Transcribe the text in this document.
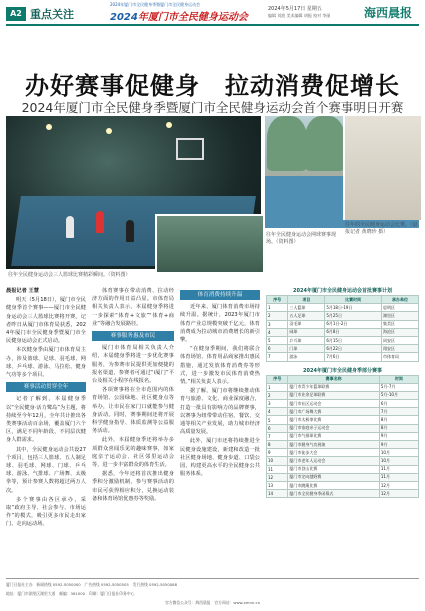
A2 重点关注
2024年厦门市全民健身季暨厦门市全民健身运动会
2024年厦门市全民健身运动会
2024年5月17日 星期五
编辑 刘波 美术编辑 胡振 校对 李丽	海西晨报
办好赛事促健身　拉动消费促增长
2024年厦门市全民健身季暨厦门市全民健身运动会首个赛事明日开赛
往年全民健身运动会三人篮球比赛精彩瞬间。（资料图）
往年的全民健身运动会比赛。（晨报记者 黄晓珍 摄）
往年全民健身运动会网球赛事现场。（资料图）

晨报记者 王慧

明天（5月18日），厦门市全民健身季首个赛事——厦门市全民健身运动会三人篮球比赛将开赛。记者昨日从厦门市体育局获悉，2024年厦门市全民健身季暨厦门市全民健身运动会正式启动。

本次健身季由厦门市体育局主办，涉及篮球、足球、羽毛球、网球、乒乓球、游泳、马拉松、健身气功等多个项目。

赛事活动贯穿全年

记者了解到，本届健身季以“全民健身·活力鹭岛”为主题，将持续至今年12月，全年共计推出各类赛事活动百余场，覆盖厦门六个区，满足不同年龄段、不同层次健身人群需求。

其中，全民健身运动会共设27个项目，包括三人篮球、五人制足球、羽毛球、网球、门球、乒乓球、游泳、气排球、广场舞、太极拳等，预计参赛人数将超过两万人次。

多个赛事由各区承办，采取“政府主导、社会参与、市场运作”的模式，吸引更多市民走出家门、走向运动场。

体育赛事在带动消费、拉动经济方面的作用日益凸显。市体育局相关负责人表示，本届健身季将进一步探索“体育+文旅”“体育+商业”等融合发展路径。

赛事服务惠及市民

厦门市体育局相关负责人介绍，本届健身季将进一步优化赛事服务，为参赛市民提供更加便捷的报名渠道，参赛者可通过“i厦门”平台及相关小程序在线报名。

各项赛事将在全市范围内的体育场馆、公园绿地、社区健身点等举办，让市民在家门口就能参与健身活动。同时，赛事期间还将开展科学健身指导、体质监测等公益服务活动。

此外，本届健身季还将举办多项群众喜闻乐见的趣味赛事，如家庭亲子运动会、社区邻里运动会等，进一步丰富群众的体育生活。

据悉，今年还将首次推出健身季积分激励机制，参与赛事活动的市民可获得相应积分，兑换运动装备和体育场馆优惠券等奖励。

体育消费持续升温

近年来，厦门体育消费市场持续升温。据统计，2023年厦门市体育产业总规模突破千亿元，体育消费成为拉动城市消费增长的新引擎。

“在健身季期间，我们将联合体育场馆、体育用品商家推出惠民措施，通过发放体育消费券等形式，进一步激发市民体育消费热情。”相关负责人表示。

据了解，厦门市将继续推动体育与旅游、文化、商业深度融合，打造一批具有影响力的品牌赛事，以赛事为纽带带动住宿、餐饮、交通等相关产业发展，助力城市经济高质量发展。

此外，厦门市还将持续推进全民健身设施建设，新建和改造一批社区健身场地、健身步道、口袋公园，构建更高水平的全民健身公共服务体系。

2024年厦门市全民健身运动会首批赛事计划
序号	项目	比赛时间	承办单位
1	三人篮球	5月18日-19日	思明区
2	五人足球	5月25日	湖里区
3	羽毛球	6月1日-2日	集美区
4	网球	6月8日	海沧区
5	乒乓球	6月15日	同安区
6	门球	6月22日	翔安区
7	游泳	7月6日	市体育局
2024年厦门市全民健身季部分赛事
序号	赛事名称	时间
1	厦门市青少年篮球联赛	5月-7月
2	厦门市业余足球联赛	5月-10月
3	厦门市社区运动会	6月
4	厦门市广场舞大赛	7月
5	厦门市太极拳比赛	8月
6	厦门市家庭亲子运动会	8月
7	厦门市气排球比赛	9月
8	厦门市健身气功展演	9月
9	厦门市徒步大会	10月
10	厦门市老年人运动会	10月
11	厦门市登山比赛	11月
12	厦门市定向越野赛	11月
13	厦门市跳绳比赛	12月
14	厦门市全民健身季闭幕式	12月
厦门日报社主办　新闻热线 0592-5050000　广告热线 0592-5050505　发行热线 0592-5050088
地址：厦门市湖里区湖里大道　邮编：361000　印刷：厦门日报社印务中心
官方微信公众号：海西晨报　官方网站：www.xmnn.cn
